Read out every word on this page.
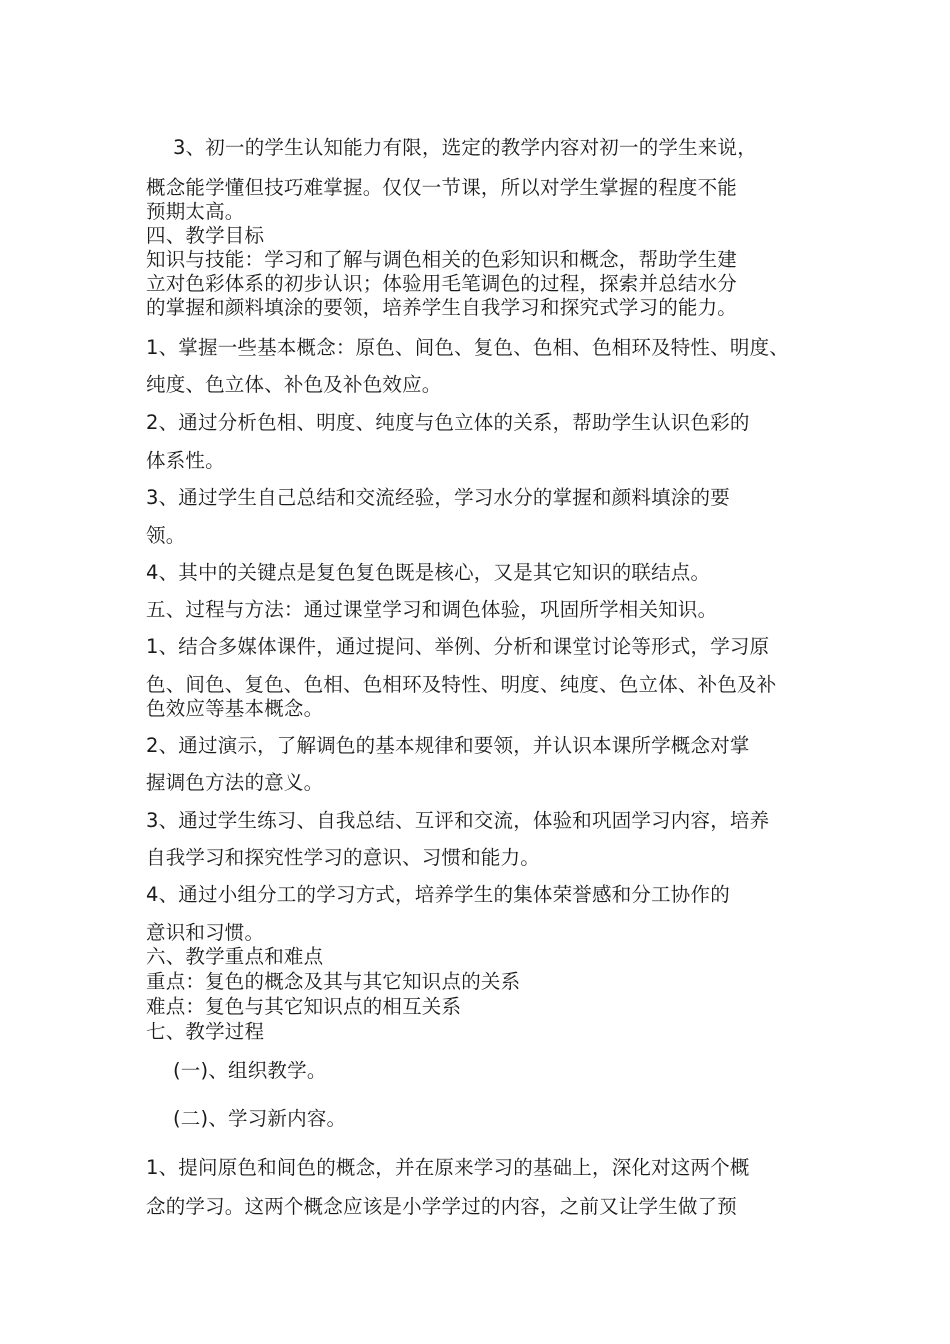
3、初一的学生认知能力有限，选定的教学内容对初一的学生来说，

概念能学懂但技巧难掌握。仅仅一节课，所以对学生掌握的程度不能

预期太高。

四、教学目标

知识与技能：学习和了解与调色相关的色彩知识和概念，帮助学生建

立对色彩体系的初步认识；体验用毛笔调色的过程，探索并总结水分

的掌握和颜料填涂的要领，培养学生自我学习和探究式学习的能力。

1、掌握一些基本概念：原色、间色、复色、色相、色相环及特性、明度、

纯度、色立体、补色及补色效应。

2、通过分析色相、明度、纯度与色立体的关系，帮助学生认识色彩的

体系性。

3、通过学生自己总结和交流经验，学习水分的掌握和颜料填涂的要

领。

4、其中的关键点是复色复色既是核心，又是其它知识的联结点。

五、过程与方法：通过课堂学习和调色体验，巩固所学相关知识。

1、结合多媒体课件，通过提问、举例、分析和课堂讨论等形式，学习原

色、间色、复色、色相、色相环及特性、明度、纯度、色立体、补色及补

色效应等基本概念。

2、通过演示，了解调色的基本规律和要领，并认识本课所学概念对掌

握调色方法的意义。

3、通过学生练习、自我总结、互评和交流，体验和巩固学习内容，培养

自我学习和探究性学习的意识、习惯和能力。

4、通过小组分工的学习方式，培养学生的集体荣誉感和分工协作的

意识和习惯。

六、教学重点和难点

重点：复色的概念及其与其它知识点的关系

难点：复色与其它知识点的相互关系

七、教学过程

(一)、组织教学。

(二)、学习新内容。

1、提问原色和间色的概念，并在原来学习的基础上，深化对这两个概

念的学习。这两个概念应该是小学学过的内容，之前又让学生做了预
